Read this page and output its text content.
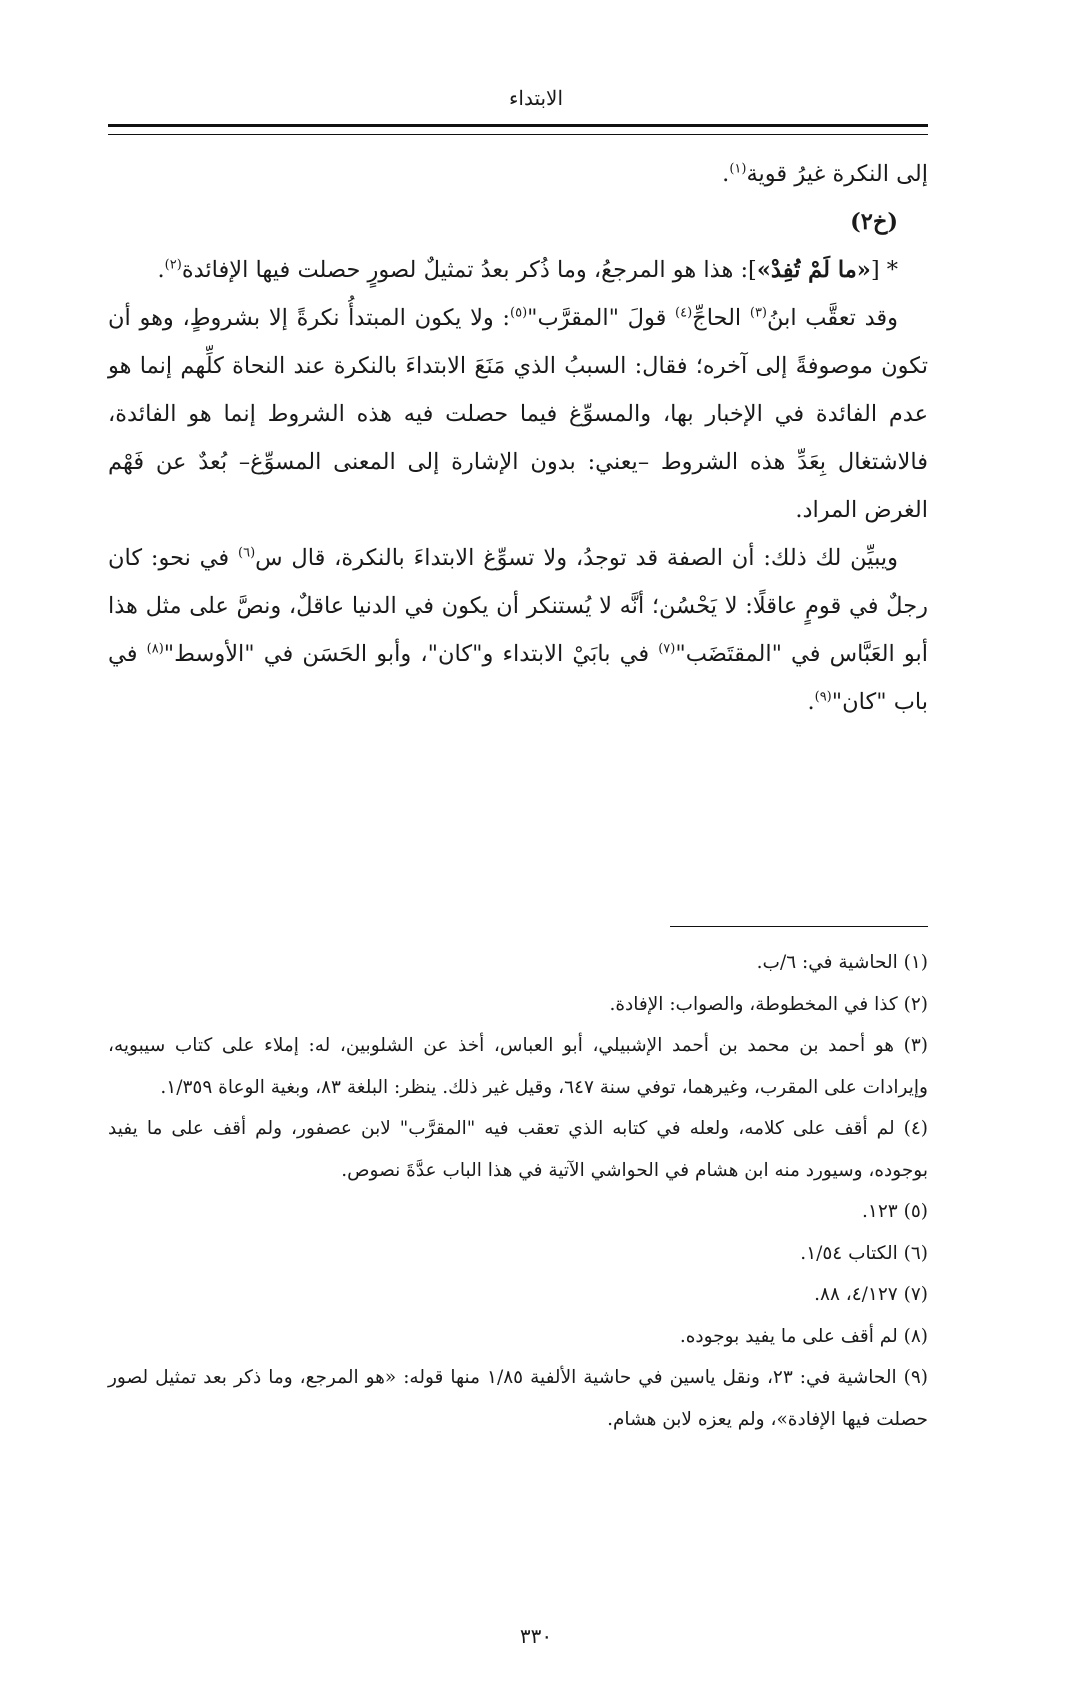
الابتداء

إلى النكرة غيرُ قوية$^{(١)}$.

(خ٢)

* [«ما لَمْ تُفِدْ»]: هذا هو المرجعُ، وما ذُكر بعدُ تمثيلٌ لصورٍ حصلت فيها الإفائدة$^{(٢)}$.

وقد تعقَّب ابنُ$^{(٣)}$ الحاجِّ$^{(٤)}$ قولَ "المقرَّب"$^{(٥)}$: ولا يكون المبتدأُ نكرةً إلا بشروطٍ، وهو أن تكون موصوفةً إلى آخره؛ فقال: السببُ الذي مَنَعَ الابتداءَ بالنكرة عند النحاة كلِّهم إنما هو عدم الفائدة في الإخبار بها، والمسوِّغ فيما حصلت فيه هذه الشروط إنما هو الفائدة، فالاشتغال بِعَدِّ هذه الشروط –يعني: بدون الإشارة إلى المعنى المسوِّغ– بُعدٌ عن فَهْم الغرض المراد.

ويبيِّن لك ذلك: أن الصفة قد توجدُ، ولا تسوِّغ الابتداءَ بالنكرة، قال س$^{(٦)}$ في نحو: كان رجلٌ في قومٍ عاقلًا: لا يَحْسُن؛ أنَّه لا يُستنكر أن يكون في الدنيا عاقلٌ، ونصَّ على مثل هذا أبو العَبَّاس في "المقتَضَب"$^{(٧)}$ في بابَيْ الابتداء و"كان"، وأبو الحَسَن في "الأوسط"$^{(٨)}$ في باب "كان"$^{(٩)}$.

(١) الحاشية في: ٦/ب.

(٢) كذا في المخطوطة، والصواب: الإفادة.

(٣) هو أحمد بن محمد بن أحمد الإشبيلي، أبو العباس، أخذ عن الشلوبين، له: إملاء على كتاب سيبويه، وإيرادات على المقرب، وغيرهما، توفي سنة ٦٤٧، وقيل غير ذلك. ينظر: البلغة ٨٣، وبغية الوعاة ١/٣٥٩.

(٤) لم أقف على كلامه، ولعله في كتابه الذي تعقب فيه "المقرَّب" لابن عصفور، ولم أقف على ما يفيد بوجوده، وسيورد منه ابن هشام في الحواشي الآتية في هذا الباب عدَّةَ نصوص.

(٥) ١٢٣.

(٦) الكتاب ١/٥٤.

(٧) ٤/١٢٧، ٨٨.

(٨) لم أقف على ما يفيد بوجوده.

(٩) الحاشية في: ٢٣، ونقل ياسين في حاشية الألفية ١/٨٥ منها قوله: «هو المرجع، وما ذكر بعد تمثيل لصور حصلت فيها الإفادة»، ولم يعزه لابن هشام.

٣٣٠
